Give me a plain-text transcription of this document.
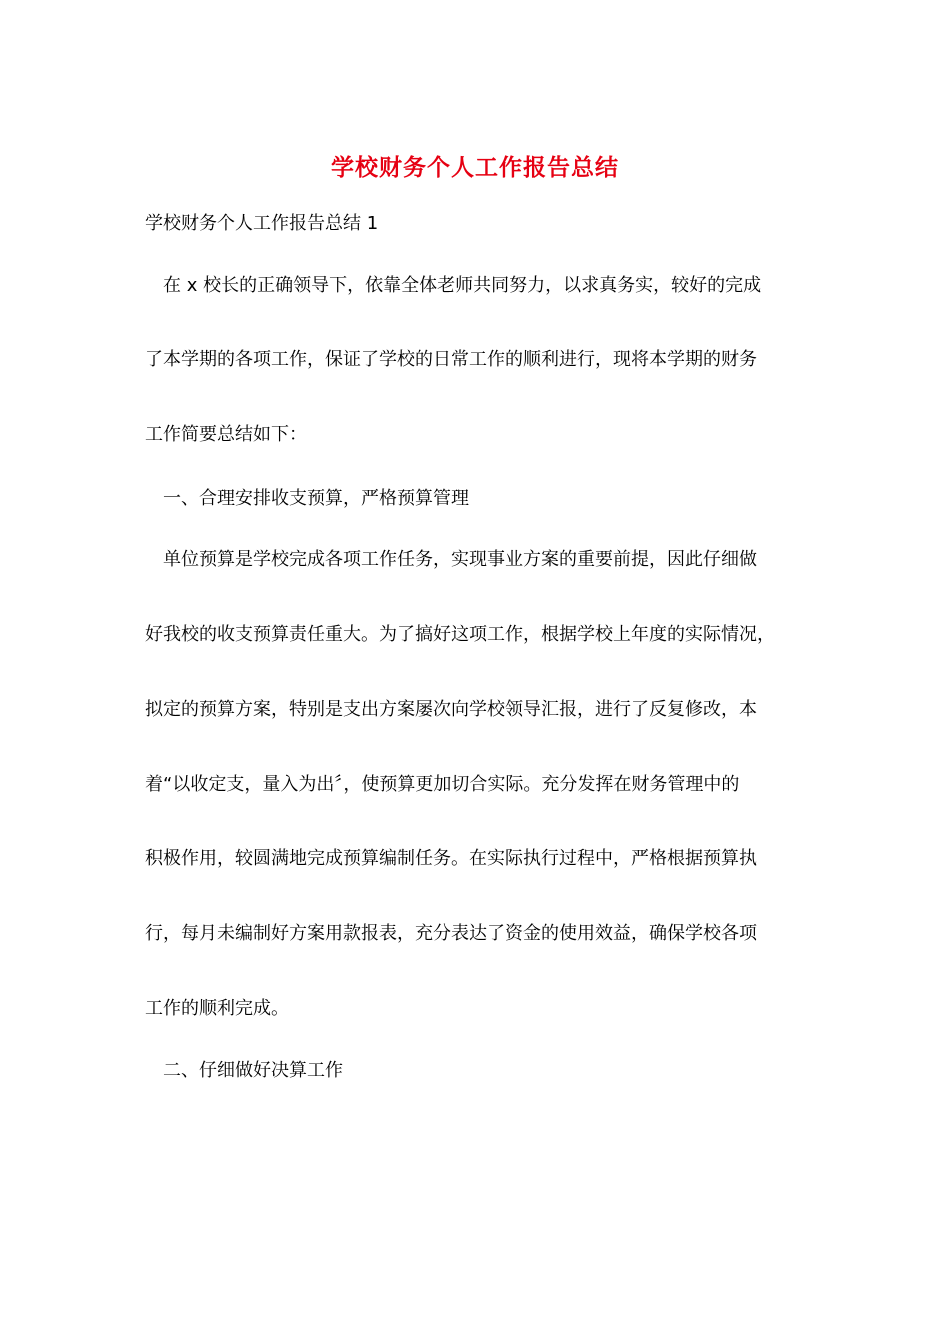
学校财务个人工作报告总结
学校财务个人工作报告总结 1
在 x 校长的正确领导下，依靠全体老师共同努力，以求真务实，较好的完成
了本学期的各项工作，保证了学校的日常工作的顺利进行，现将本学期的财务
工作简要总结如下：
一、合理安排收支预算，严格预算管理
单位预算是学校完成各项工作任务，实现事业方案的重要前提，因此仔细做
好我校的收支预算责任重大。为了搞好这项工作，根据学校上年度的实际情况，
拟定的预算方案，特别是支出方案屡次向学校领导汇报，进行了反复修改，本
着“以收定支，量入为出〞，使预算更加切合实际。充分发挥在财务管理中的
积极作用，较圆满地完成预算编制任务。在实际执行过程中，严格根据预算执
行，每月未编制好方案用款报表，充分表达了资金的使用效益，确保学校各项
工作的顺利完成。
二、仔细做好决算工作
